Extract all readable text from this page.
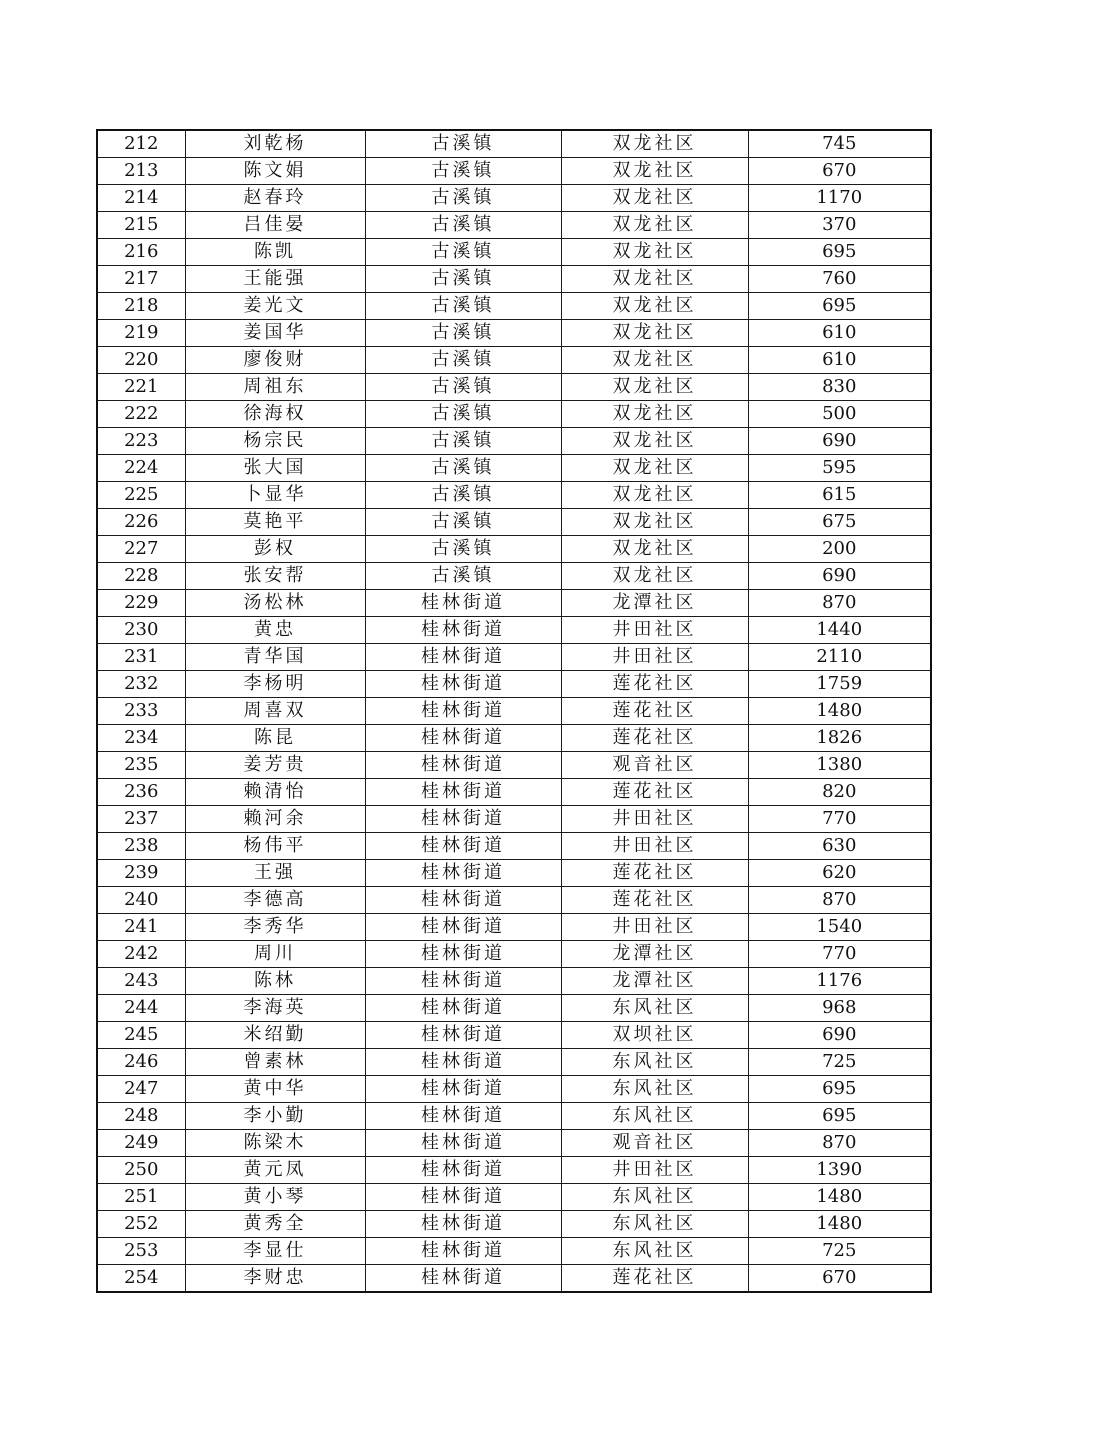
212	刘乾杨	古溪镇	双龙社区	745
213	陈文娟	古溪镇	双龙社区	670
214	赵春玲	古溪镇	双龙社区	1170
215	吕佳晏	古溪镇	双龙社区	370
216	陈凯	古溪镇	双龙社区	695
217	王能强	古溪镇	双龙社区	760
218	姜光文	古溪镇	双龙社区	695
219	姜国华	古溪镇	双龙社区	610
220	廖俊财	古溪镇	双龙社区	610
221	周祖东	古溪镇	双龙社区	830
222	徐海权	古溪镇	双龙社区	500
223	杨宗民	古溪镇	双龙社区	690
224	张大国	古溪镇	双龙社区	595
225	卜显华	古溪镇	双龙社区	615
226	莫艳平	古溪镇	双龙社区	675
227	彭权	古溪镇	双龙社区	200
228	张安帮	古溪镇	双龙社区	690
229	汤松林	桂林街道	龙潭社区	870
230	黄忠	桂林街道	井田社区	1440
231	青华国	桂林街道	井田社区	2110
232	李杨明	桂林街道	莲花社区	1759
233	周喜双	桂林街道	莲花社区	1480
234	陈昆	桂林街道	莲花社区	1826
235	姜芳贵	桂林街道	观音社区	1380
236	赖清怡	桂林街道	莲花社区	820
237	赖河余	桂林街道	井田社区	770
238	杨伟平	桂林街道	井田社区	630
239	王强	桂林街道	莲花社区	620
240	李德高	桂林街道	莲花社区	870
241	李秀华	桂林街道	井田社区	1540
242	周川	桂林街道	龙潭社区	770
243	陈林	桂林街道	龙潭社区	1176
244	李海英	桂林街道	东风社区	968
245	米绍勤	桂林街道	双坝社区	690
246	曾素林	桂林街道	东风社区	725
247	黄中华	桂林街道	东风社区	695
248	李小勤	桂林街道	东风社区	695
249	陈梁木	桂林街道	观音社区	870
250	黄元凤	桂林街道	井田社区	1390
251	黄小琴	桂林街道	东风社区	1480
252	黄秀全	桂林街道	东风社区	1480
253	李显仕	桂林街道	东风社区	725
254	李财忠	桂林街道	莲花社区	670
